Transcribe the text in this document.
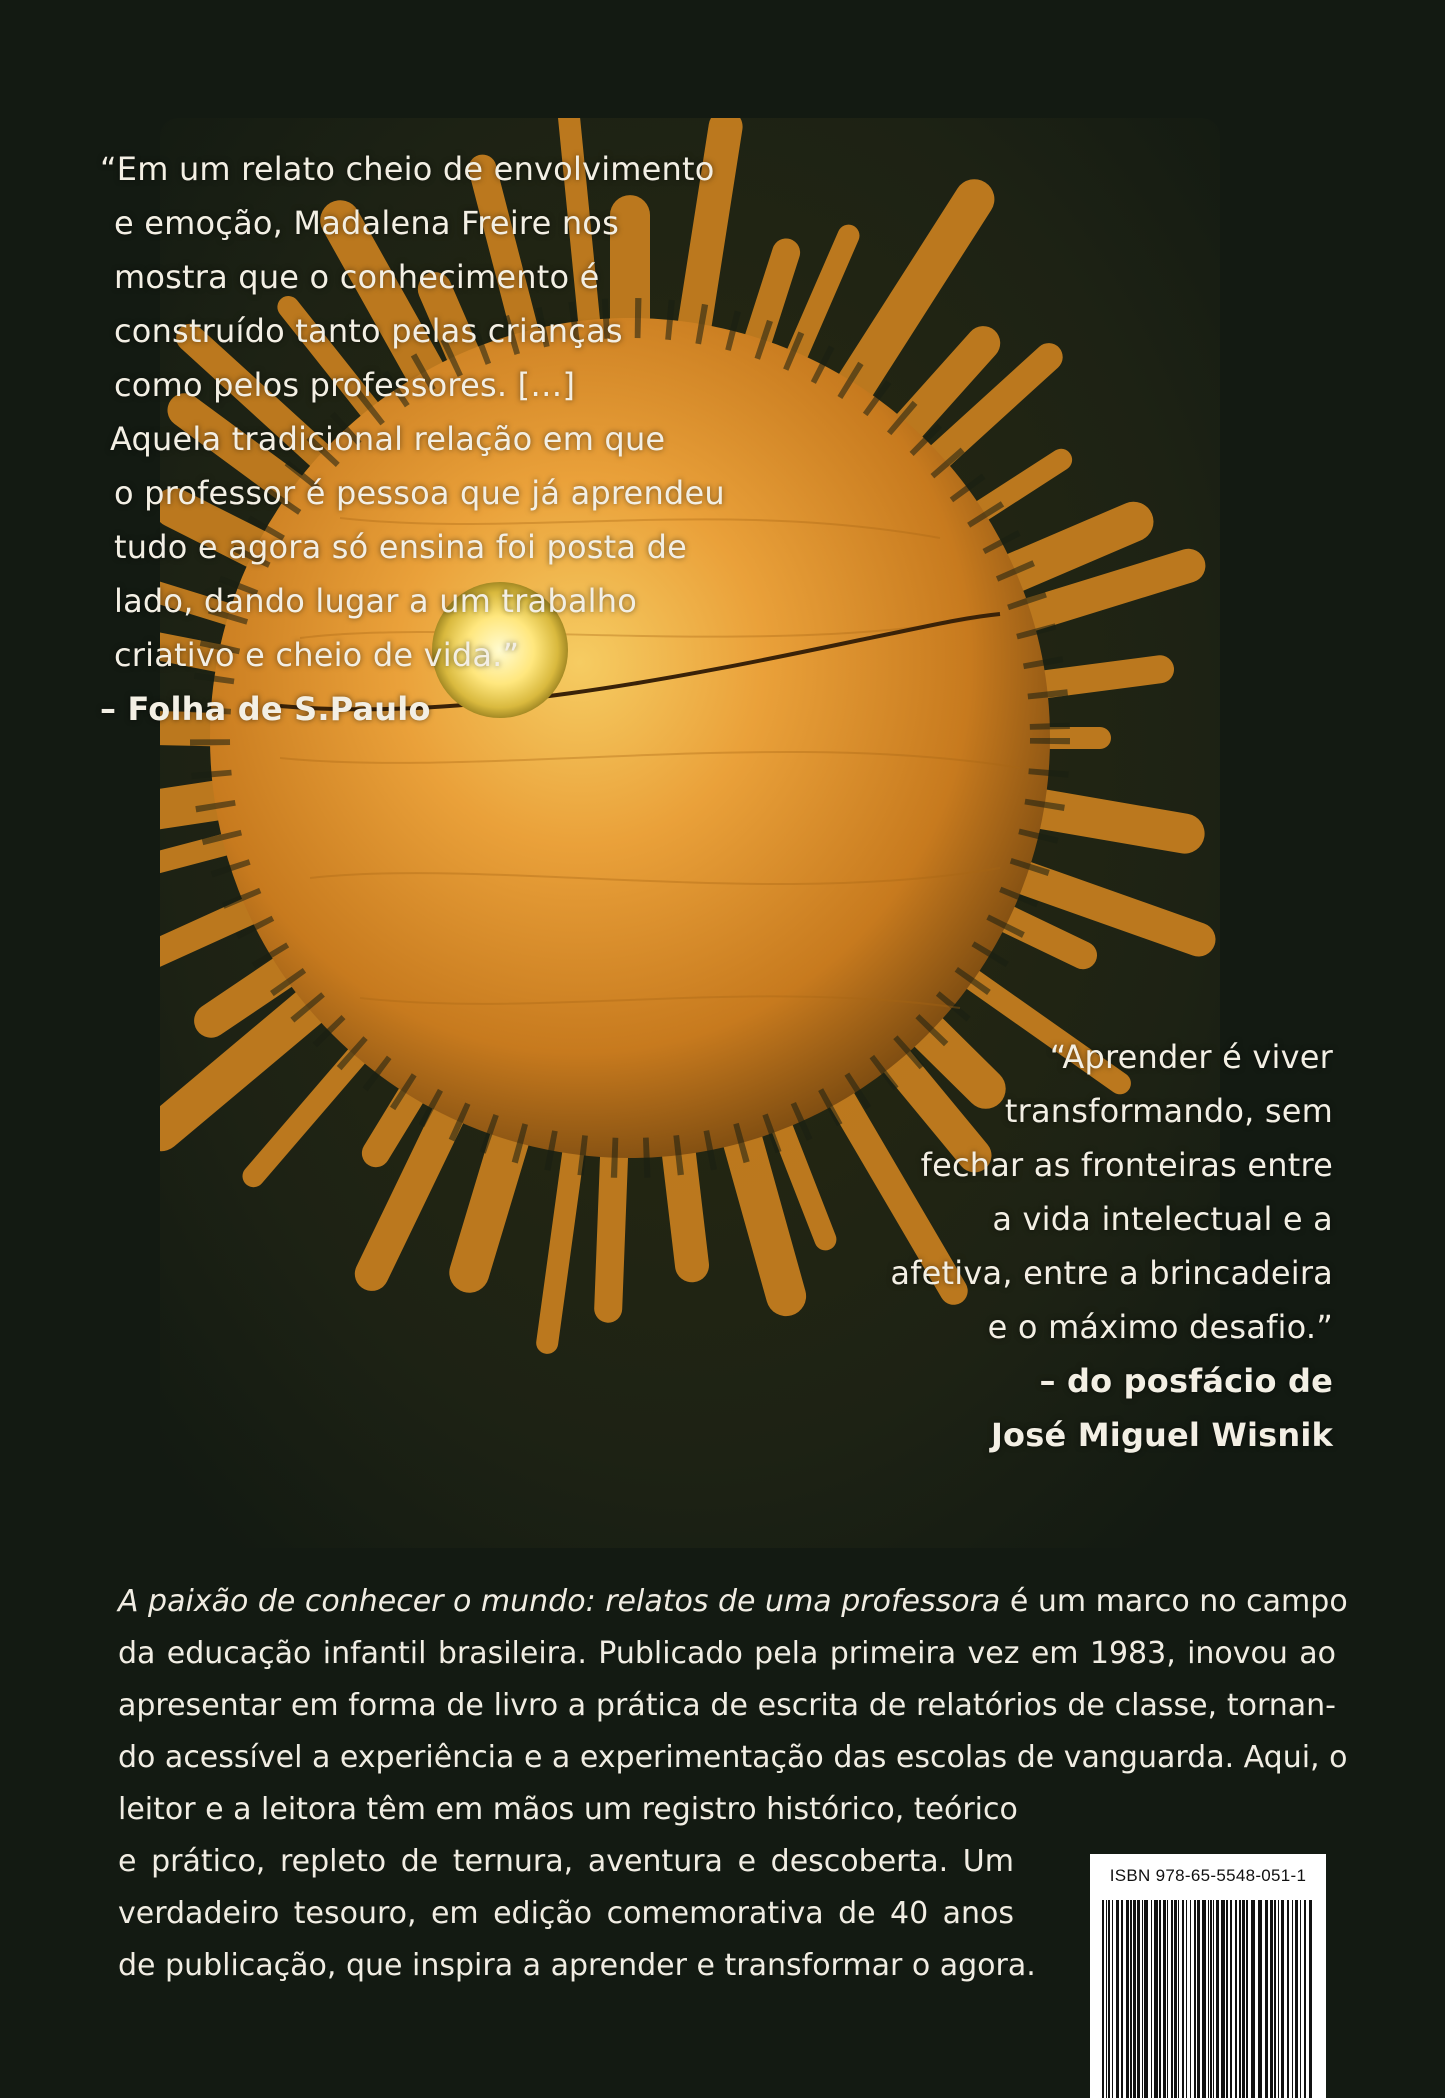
“Em um relato cheio de envolvimento
e emoção, Madalena Freire nos
mostra que o conhecimento é
construído tanto pelas crianças
como pelos professores. […]
Aquela tradicional relação em que
o professor é pessoa que já aprendeu
tudo e agora só ensina foi posta de
lado, dando lugar a um trabalho
criativo e cheio de vida.”
– Folha de S.Paulo
“Aprender é viver
transformando, sem
fechar as fronteiras entre
a vida intelectual e a
afetiva, entre a brincadeira
e o máximo desafio.”
– do posfácio de
José Miguel Wisnik
A paixão de conhecer o mundo: relatos de uma professora é um marco no campo
da educação infantil brasileira. Publicado pela primeira vez em 1983, inovou ao
apresentar em forma de livro a prática de escrita de relatórios de classe, tornan-
do acessível a experiência e a experimentação das escolas de vanguarda. Aqui, o
leitor e a leitora têm em mãos um registro histórico, teórico
e prático, repleto de ternura, aventura e descoberta. Um
verdadeiro tesouro, em edição comemorativa de 40 anos
de publicação, que inspira a aprender e transformar o agora.
ISBN 978-65-5548-051-1
